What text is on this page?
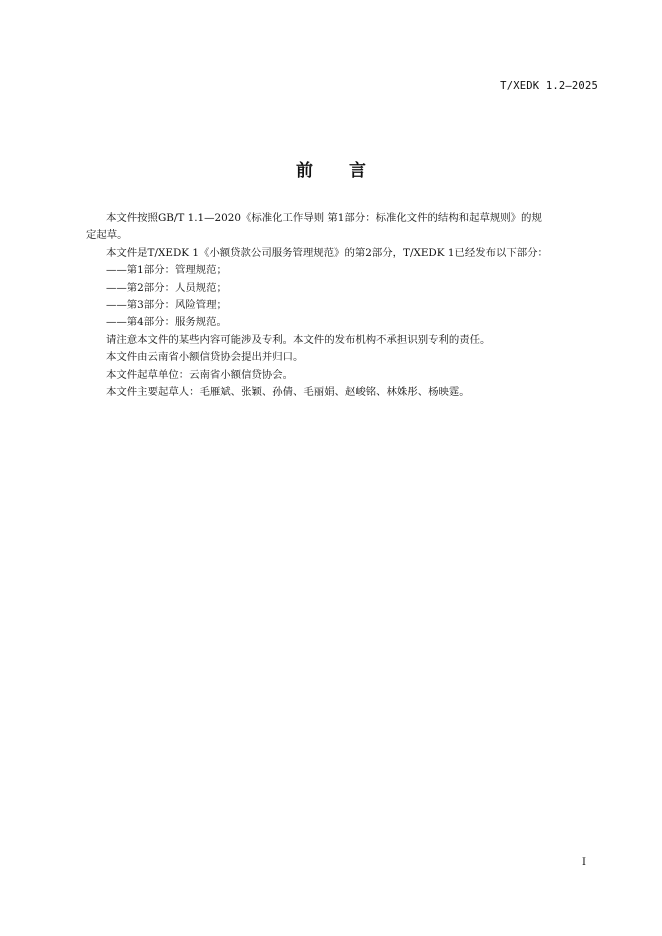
T/XEDK 1.2—2025
前 言

本文件按照GB/T 1.1—2020《标准化工作导则 第1部分：标准化文件的结构和起草规则》的规

定起草。

本文件是T/XEDK 1《小额贷款公司服务管理规范》的第2部分，T/XEDK 1已经发布以下部分：

——第1部分：管理规范；

——第2部分：人员规范；

——第3部分：风险管理；

——第4部分：服务规范。

请注意本文件的某些内容可能涉及专利。本文件的发布机构不承担识别专利的责任。

本文件由云南省小额信贷协会提出并归口。

本文件起草单位：云南省小额信贷协会。

本文件主要起草人：毛雁斌、张颖、孙倩、毛丽娟、赵峻铭、林姝彤、杨映霆。

I
